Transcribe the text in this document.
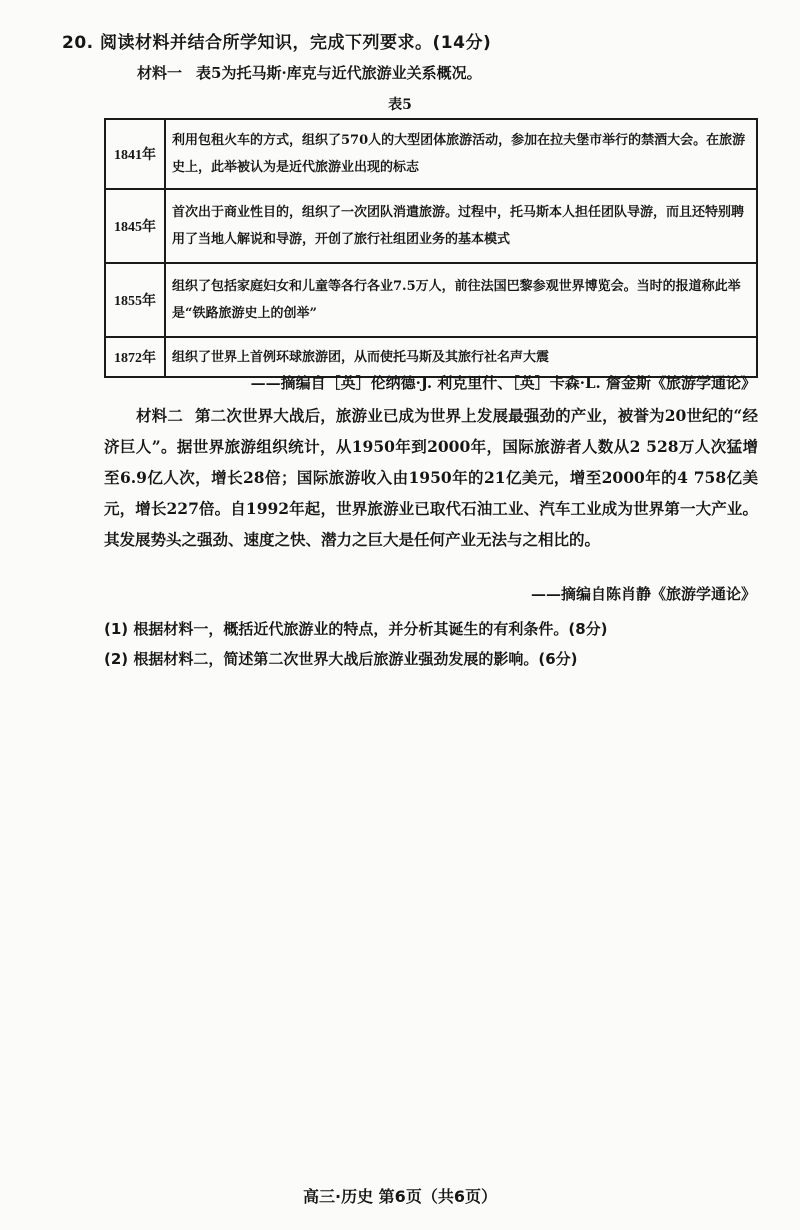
20. 阅读材料并结合所学知识，完成下列要求。(14分)
材料一 表5为托马斯·库克与近代旅游业关系概况。
表5
1841年	利用包租火车的方式，组织了570人的大型团体旅游活动，参加在拉夫堡市举行的禁酒大会。在旅游史上，此举被认为是近代旅游业出现的标志
1845年	首次出于商业性目的，组织了一次团队消遣旅游。过程中，托马斯本人担任团队导游，而且还特别聘用了当地人解说和导游，开创了旅行社组团业务的基本模式
1855年	组织了包括家庭妇女和儿童等各行各业7.5万人，前往法国巴黎参观世界博览会。当时的报道称此举是“铁路旅游史上的创举”
1872年	组织了世界上首例环球旅游团，从而使托马斯及其旅行社名声大震
——摘编自［英］伦纳德·J. 利克里什、［英］卡森·L. 詹金斯《旅游学通论》

材料二 第二次世界大战后，旅游业已成为世界上发展最强劲的产业，被誉为20世纪的“经济巨人”。据世界旅游组织统计，从1950年到2000年，国际旅游者人数从2 528万人次猛增至6.9亿人次，增长28倍；国际旅游收入由1950年的21亿美元，增至2000年的4 758亿美元，增长227倍。自1992年起，世界旅游业已取代石油工业、汽车工业成为世界第一大产业。其发展势头之强劲、速度之快、潜力之巨大是任何产业无法与之相比的。

——摘编自陈肖静《旅游学通论》
(1) 根据材料一，概括近代旅游业的特点，并分析其诞生的有利条件。(8分)
(2) 根据材料二，简述第二次世界大战后旅游业强劲发展的影响。(6分)
高三·历史 第6页（共6页）
